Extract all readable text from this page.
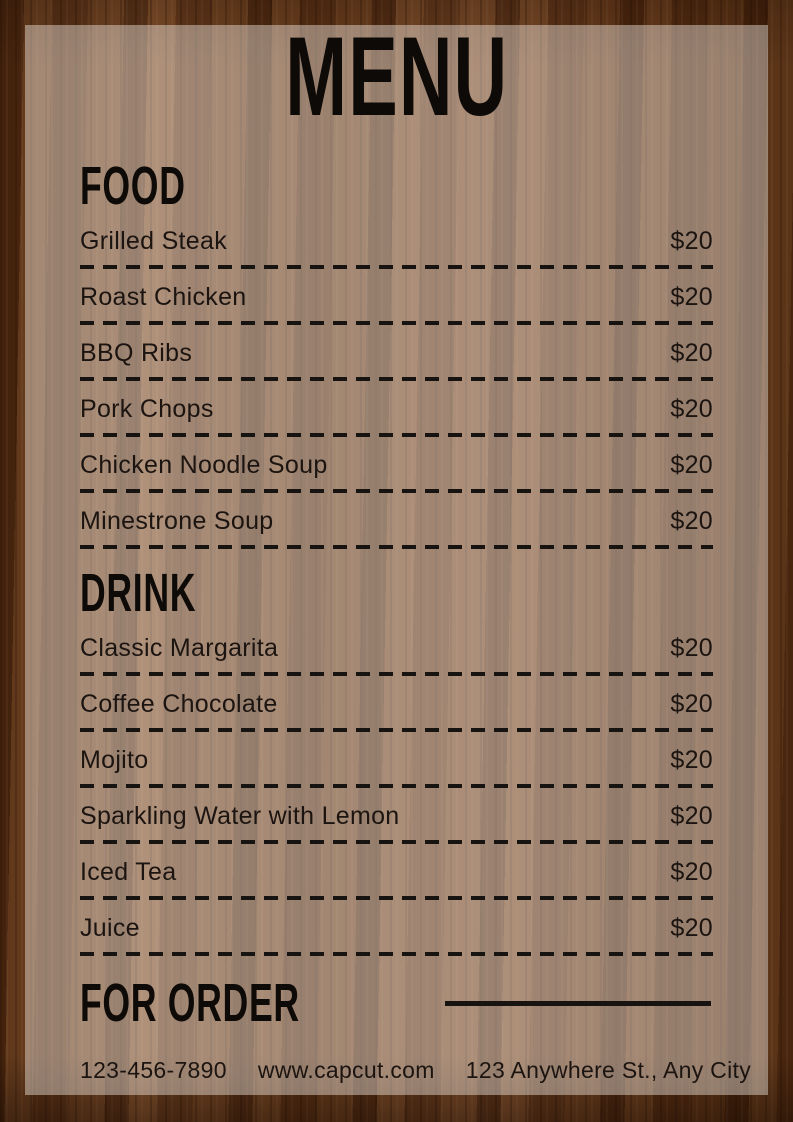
MENU
FOOD
Grilled Steak	$20
Roast Chicken	$20
BBQ Ribs	$20
Pork Chops	$20
Chicken Noodle Soup	$20
Minestrone Soup	$20
DRINK
Classic Margarita	$20
Coffee Chocolate	$20
Mojito	$20
Sparkling Water with Lemon	$20
Iced Tea	$20
Juice	$20
FOR ORDER
123-456-7890 www.capcut.com 123 Anywhere St., Any City
